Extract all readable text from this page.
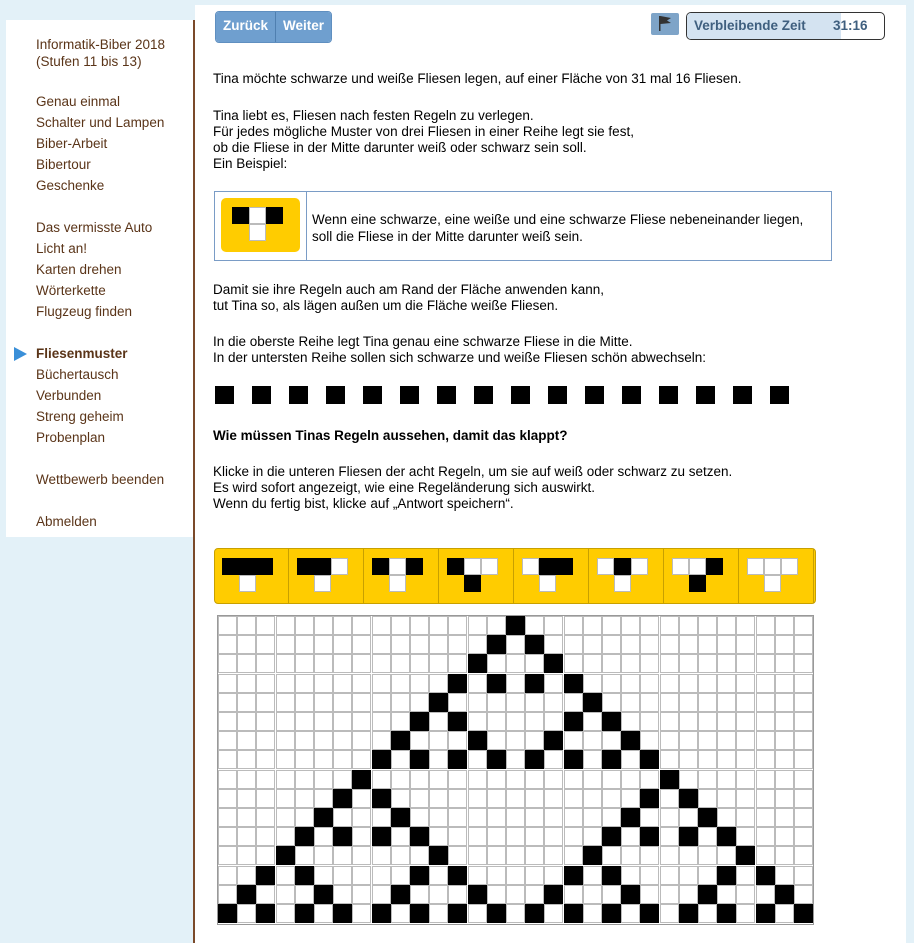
Informatik-Biber 2018
(Stufen 11 bis 13)
Genau einmal
Schalter und Lampen
Biber-Arbeit
Bibertour
Geschenke
Das vermisste Auto
Licht an!
Karten drehen
Wörterkette
Flugzeug finden
Fliesenmuster
Büchertausch
Verbunden
Streng geheim
Probenplan
Wettbewerb beenden
Abmelden
Zurück	Weiter	Verbleibende Zeit 31:16

Tina möchte schwarze und weiße Fliesen legen, auf einer Fläche von 31 mal 16 Fliesen.

Tina liebt es, Fliesen nach festen Regeln zu verlegen.

Für jedes mögliche Muster von drei Fliesen in einer Reihe legt sie fest,

ob die Fliese in der Mitte darunter weiß oder schwarz sein soll.

Ein Beispiel:

Damit sie ihre Regeln auch am Rand der Fläche anwenden kann,

tut Tina so, als lägen außen um die Fläche weiße Fliesen.

In die oberste Reihe legt Tina genau eine schwarze Fliese in die Mitte.

In der untersten Reihe sollen sich schwarze und weiße Fliesen schön abwechseln:

Wie müssen Tinas Regeln aussehen, damit das klappt?

Klicke in die unteren Fliesen der acht Regeln, um sie auf weiß oder schwarz zu setzen.

Es wird sofort angezeigt, wie eine Regeländerung sich auswirkt.

Wenn du fertig bist, klicke auf „Antwort speichern“.

Wenn eine schwarze, eine weiße und eine schwarze Fliese nebeneinander liegen,
soll die Fliese in der Mitte darunter weiß sein.
